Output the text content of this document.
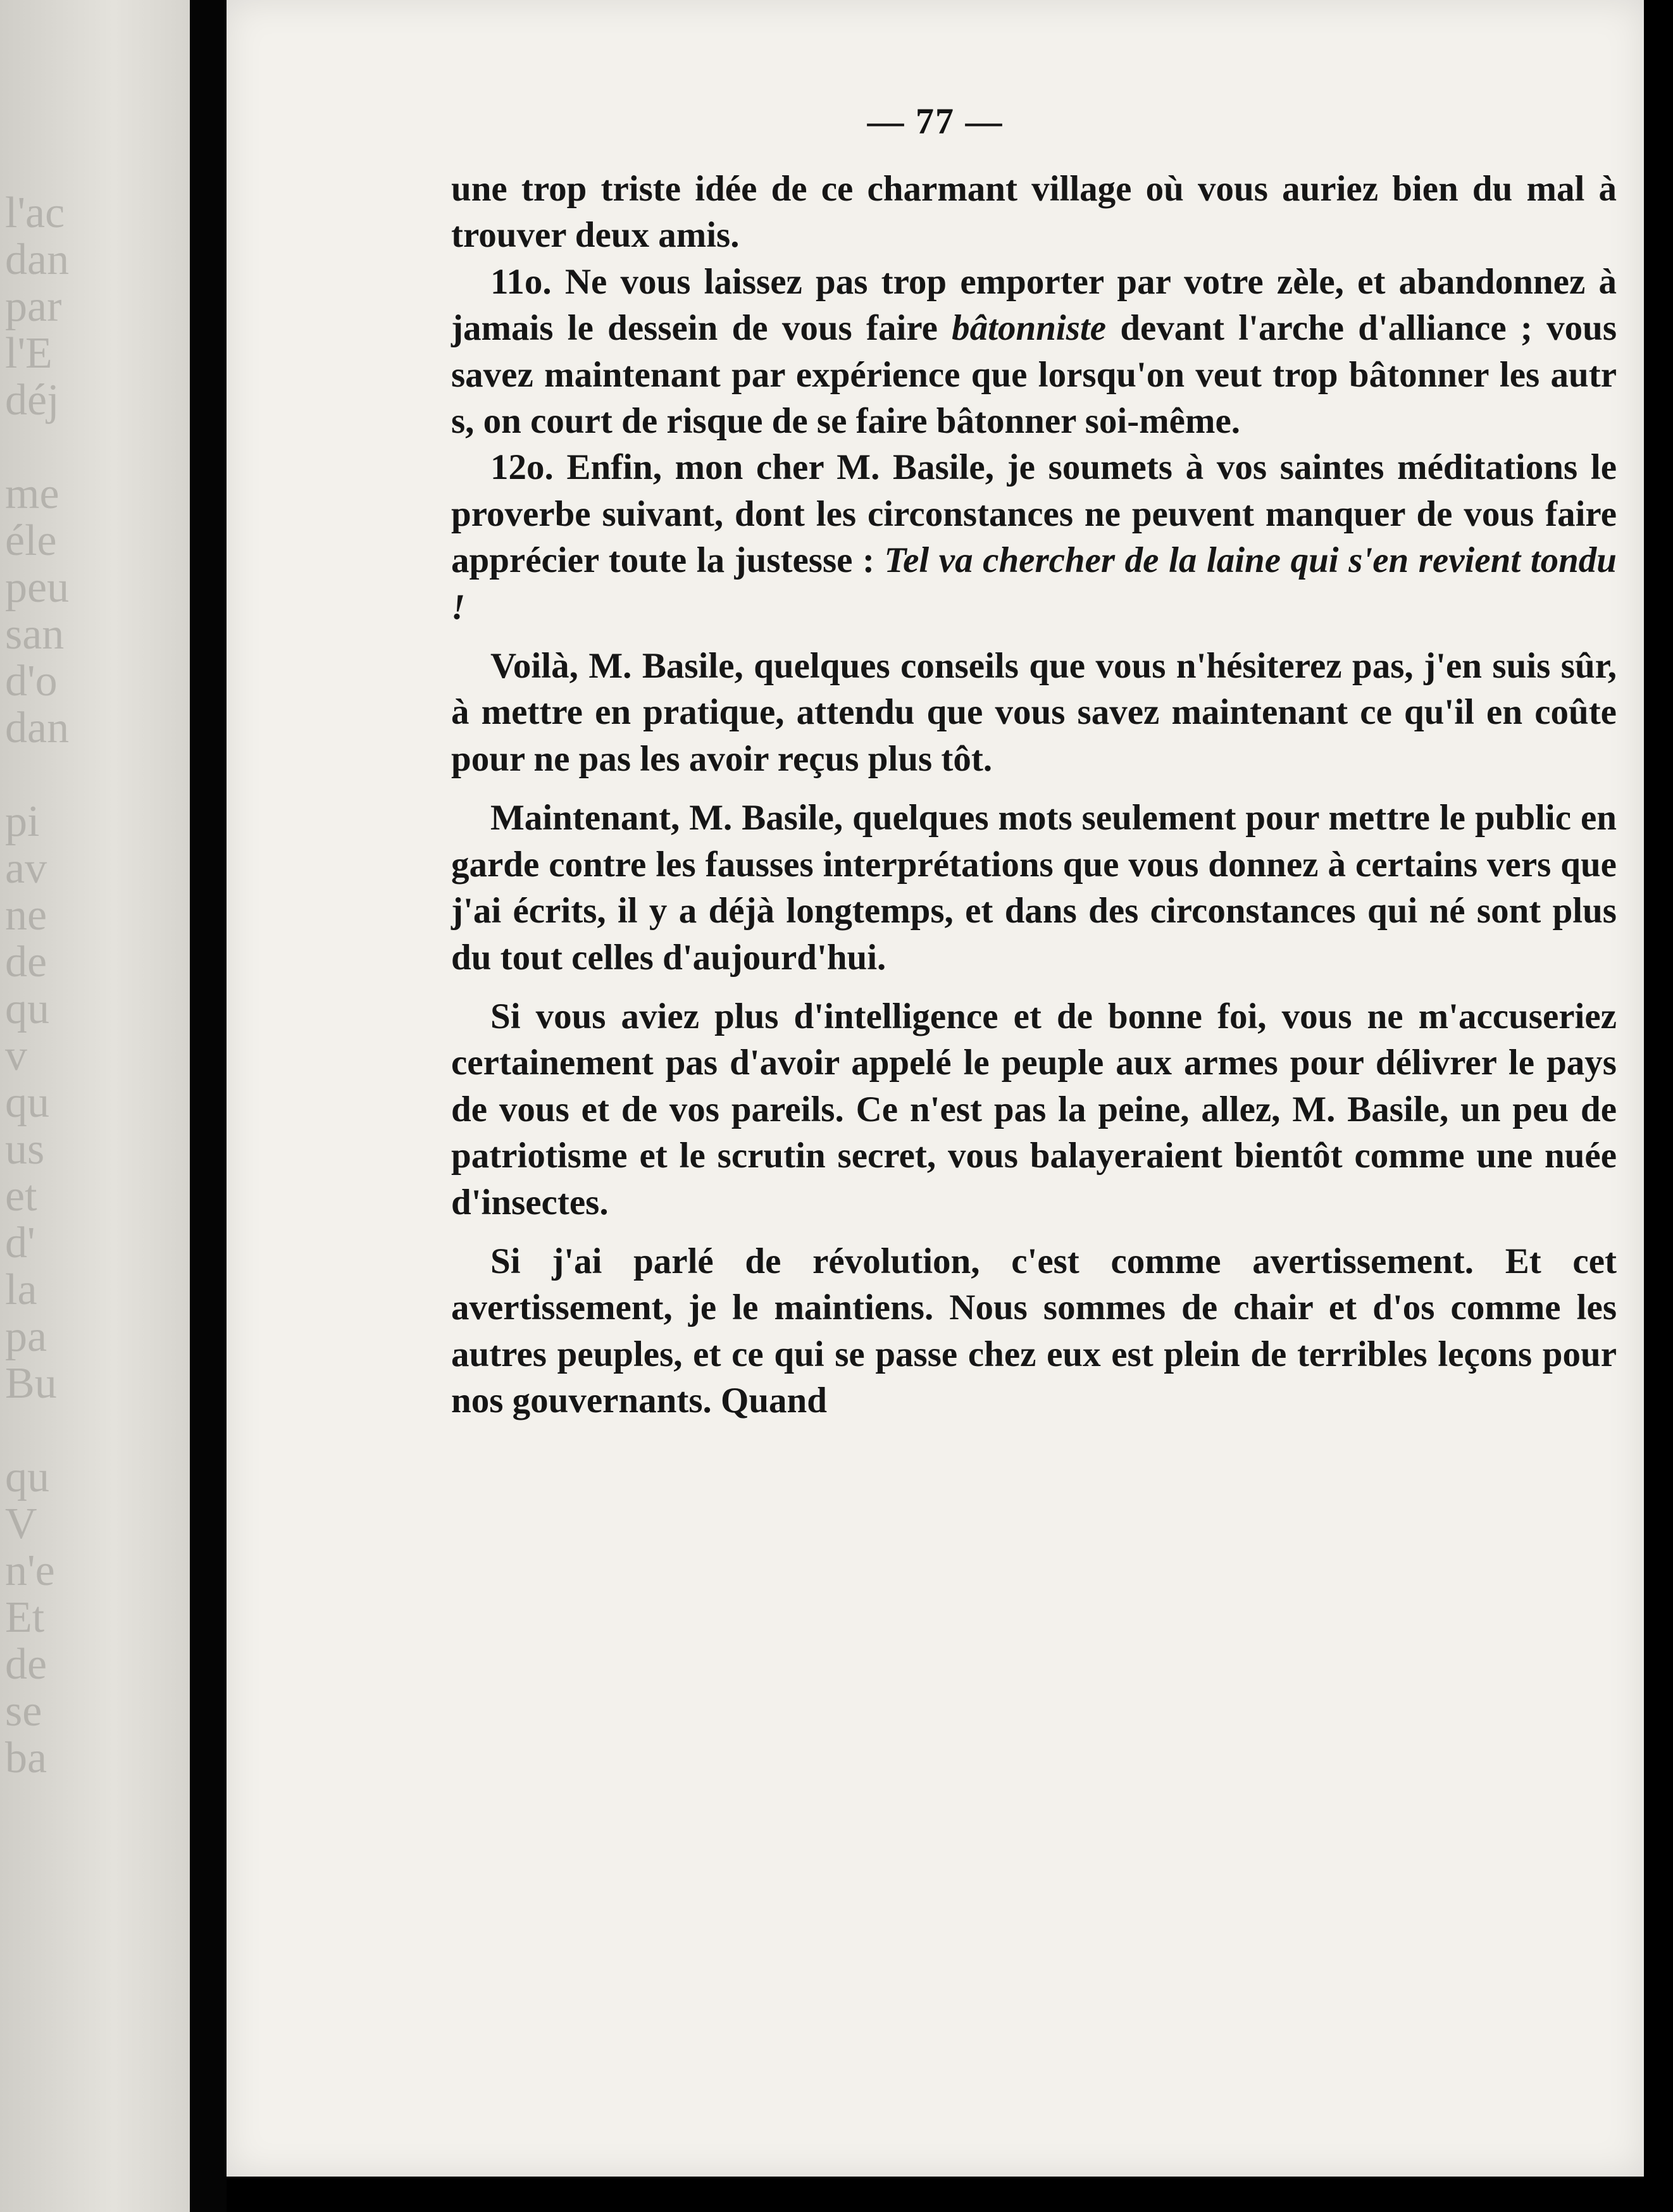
l'ac
dan
par
l'E
déj
me
éle
peu
san
d'o
dan
pi
av
ne
de
qu
v
qu
us
et
d'
la
pa
Bu
qu
V
n'e
Et
de
se
ba
— 77 —

une trop triste idée de ce charmant village où vous auriez bien du mal à trouver deux amis.

11o. Ne vous laissez pas trop emporter par votre zèle, et abandonnez à jamais le dessein de vous faire bâtonniste devant l'arche d'alliance ; vous savez maintenant par expérience que lorsqu'on veut trop bâtonner les autr s, on court de risque de se faire bâtonner soi-même.

12o. Enfin, mon cher M. Basile, je soumets à vos saintes méditations le proverbe suivant, dont les circonstances ne peuvent manquer de vous faire apprécier toute la justesse : Tel va chercher de la laine qui s'en revient tondu !

Voilà, M. Basile, quelques conseils que vous n'hésiterez pas, j'en suis sûr, à mettre en pratique, attendu que vous savez maintenant ce qu'il en coûte pour ne pas les avoir reçus plus tôt.

Maintenant, M. Basile, quelques mots seulement pour mettre le public en garde contre les fausses interprétations que vous donnez à certains vers que j'ai écrits, il y a déjà longtemps, et dans des circonstances qui né sont plus du tout celles d'aujourd'hui.

Si vous aviez plus d'intelligence et de bonne foi, vous ne m'accuseriez certainement pas d'avoir appelé le peuple aux armes pour délivrer le pays de vous et de vos pareils. Ce n'est pas la peine, allez, M. Basile, un peu de patriotisme et le scrutin secret, vous balayeraient bientôt comme une nuée d'insectes.

Si j'ai parlé de révolution, c'est comme avertissement. Et cet avertissement, je le maintiens. Nous sommes de chair et d'os comme les autres peuples, et ce qui se passe chez eux est plein de terribles leçons pour nos gouvernants. Quand
